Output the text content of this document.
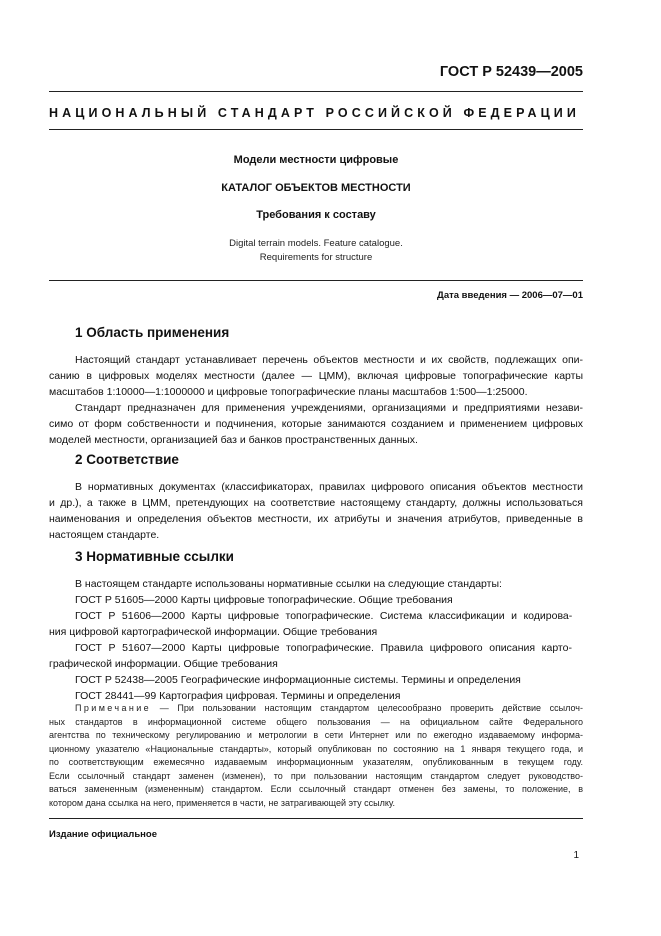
ГОСТ Р 52439—2005
НАЦИОНАЛЬНЫЙ СТАНДАРТ РОССИЙСКОЙ ФЕДЕРАЦИИ
Модели местности цифровые
КАТАЛОГ ОБЪЕКТОВ МЕСТНОСТИ
Требования к составу
Digital terrain models. Feature catalogue.
Requirements for structure
Дата введения — 2006—07—01
1 Область применения
Настоящий стандарт устанавливает перечень объектов местности и их свойств, подлежащих опи-
санию в цифровых моделях местности (далее — ЦММ), включая цифровые топографические карты
масштабов 1:10000—1:1000000 и цифровые топографические планы масштабов 1:500—1:25000.
Стандарт предназначен для применения учреждениями, организациями и предприятиями незави-
симо от форм собственности и подчинения, которые занимаются созданием и применением цифровых
моделей местности, организацией баз и банков пространственных данных.
2 Соответствие
В нормативных документах (классификаторах, правилах цифрового описания объектов местности
и др.), а также в ЦММ, претендующих на соответствие настоящему стандарту, должны использоваться
наименования и определения объектов местности, их атрибуты и значения атрибутов, приведенные в
настоящем стандарте.
3 Нормативные ссылки
В настоящем стандарте использованы нормативные ссылки на следующие стандарты:
ГОСТ Р 51605—2000 Карты цифровые топографические. Общие требования
ГОСТ Р 51606—2000 Карты цифровые топографические. Система классификации и кодирова-
ния цифровой картографической информации. Общие требования
ГОСТ Р 51607—2000 Карты цифровые топографические. Правила цифрового описания карто-
графической информации. Общие требования
ГОСТ Р 52438—2005 Географические информационные системы. Термины и определения
ГОСТ 28441—99 Картография цифровая. Термины и определения
Примечание — При пользовании настоящим стандартом целесообразно проверить действие ссылоч-
ных стандартов в информационной системе общего пользования — на официальном сайте Федерального
агентства по техническому регулированию и метрологии в сети Интернет или по ежегодно издаваемому информа-
ционному указателю «Национальные стандарты», который опубликован по состоянию на 1 января текущего года, и
по соответствующим ежемесячно издаваемым информационным указателям, опубликованным в текущем году.
Если ссылочный стандарт заменен (изменен), то при пользовании настоящим стандартом следует руководство-
ваться замененным (измененным) стандартом. Если ссылочный стандарт отменен без замены, то положение, в
котором дана ссылка на него, применяется в части, не затрагивающей эту ссылку.
Издание официальное
1
